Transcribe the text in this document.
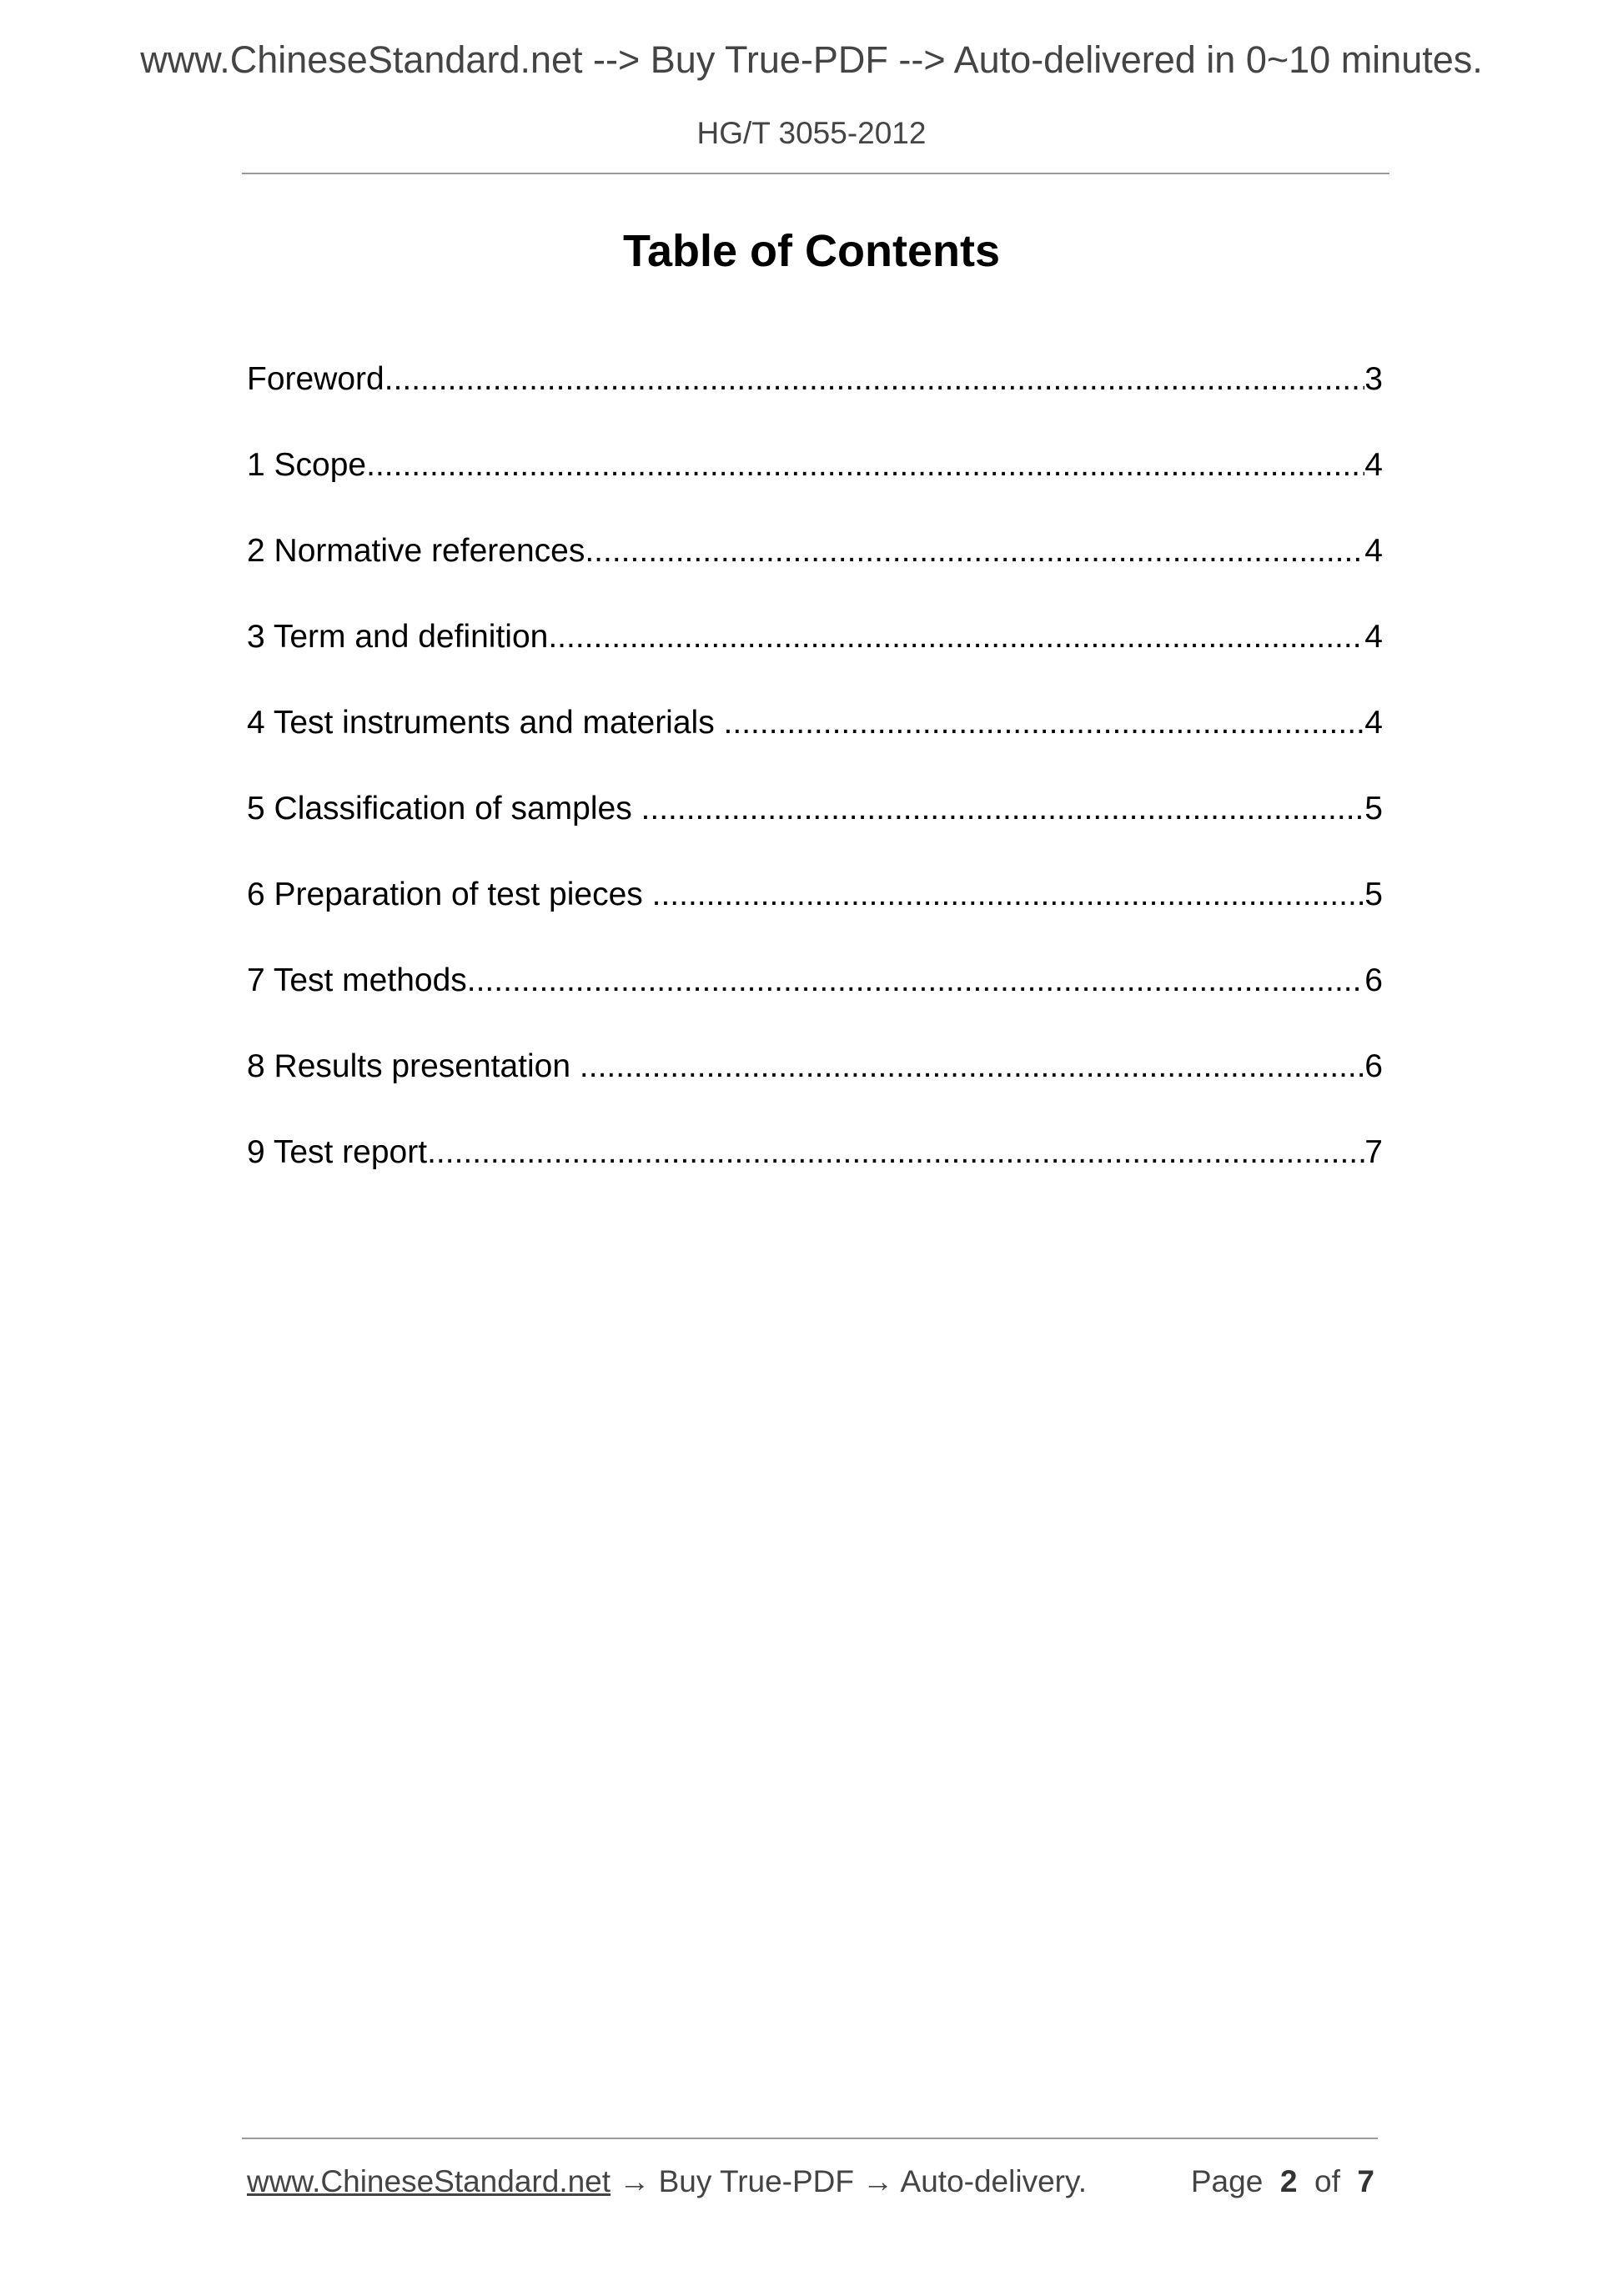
www.ChineseStandard.net --> Buy True-PDF --> Auto-delivered in 0~10 minutes.
HG/T 3055-2012
Table of Contents
Foreword .....	3
1 Scope .....	4
2 Normative references .....	4
3 Term and definition .....	4
4 Test instruments and materials .....	4
5 Classification of samples .....	5
6 Preparation of test pieces .....	5
7 Test methods .....	6
8 Results presentation .....	6
9 Test report .....	7
www.ChineseStandard.net → Buy True-PDF → Auto-delivery.	Page 2 of 7
